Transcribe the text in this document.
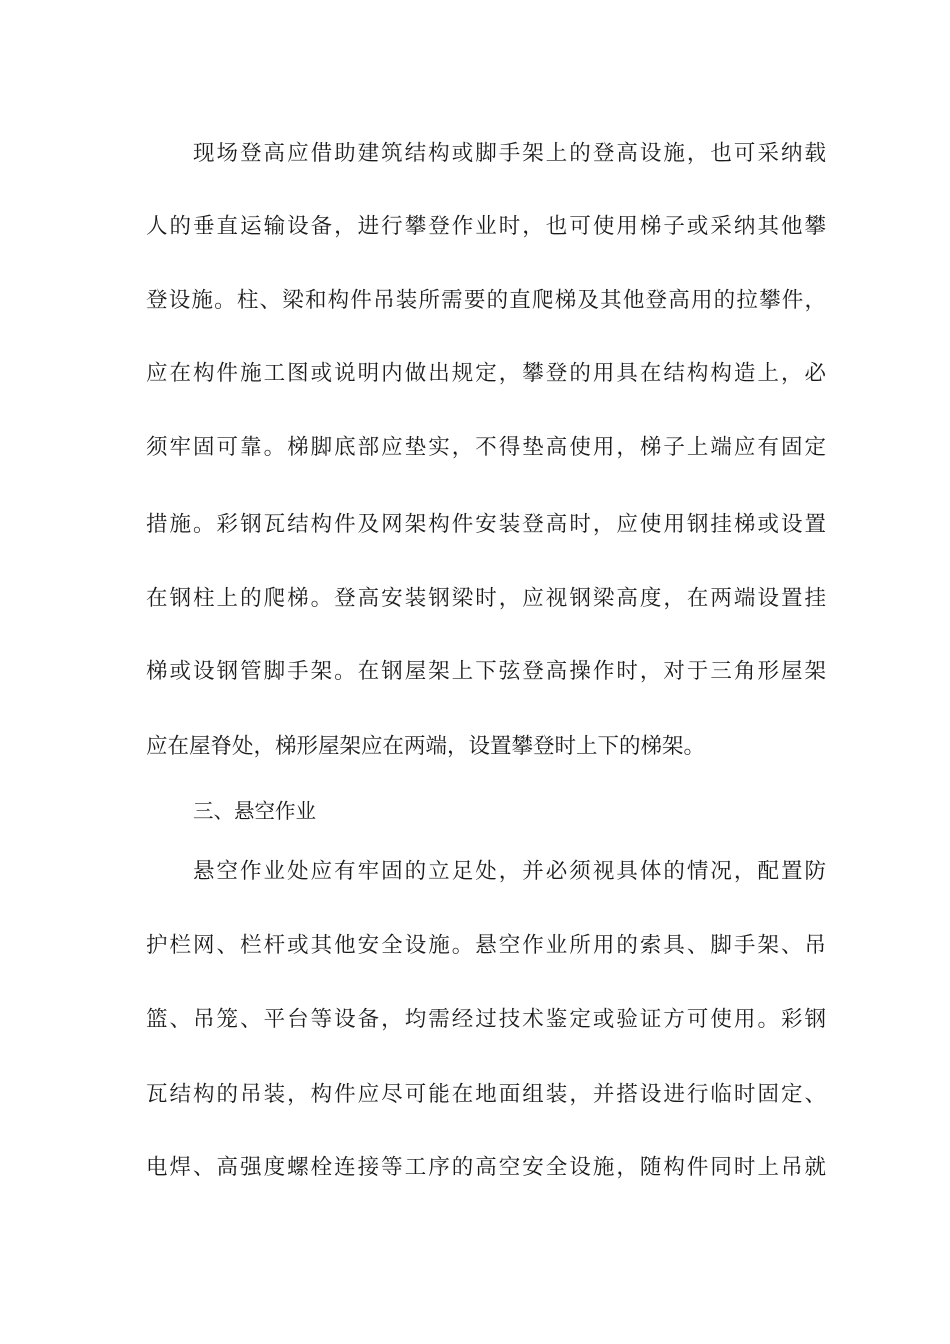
现场登高应借助建筑结构或脚手架上的登高设施，也可采纳载
人的垂直运输设备，进行攀登作业时，也可使用梯子或采纳其他攀
登设施。柱、梁和构件吊装所需要的直爬梯及其他登高用的拉攀件，
应在构件施工图或说明内做出规定，攀登的用具在结构构造上，必
须牢固可靠。梯脚底部应垫实，不得垫高使用，梯子上端应有固定
措施。彩钢瓦结构件及网架构件安装登高时，应使用钢挂梯或设置
在钢柱上的爬梯。登高安装钢梁时，应视钢梁高度，在两端设置挂
梯或设钢管脚手架。在钢屋架上下弦登高操作时，对于三角形屋架
应在屋脊处，梯形屋架应在两端，设置攀登时上下的梯架。
三、悬空作业
悬空作业处应有牢固的立足处，并必须视具体的情况，配置防
护栏网、栏杆或其他安全设施。悬空作业所用的索具、脚手架、吊
篮、吊笼、平台等设备，均需经过技术鉴定或验证方可使用。彩钢
瓦结构的吊装，构件应尽可能在地面组装，并搭设进行临时固定、
电焊、高强度螺栓连接等工序的高空安全设施，随构件同时上吊就
